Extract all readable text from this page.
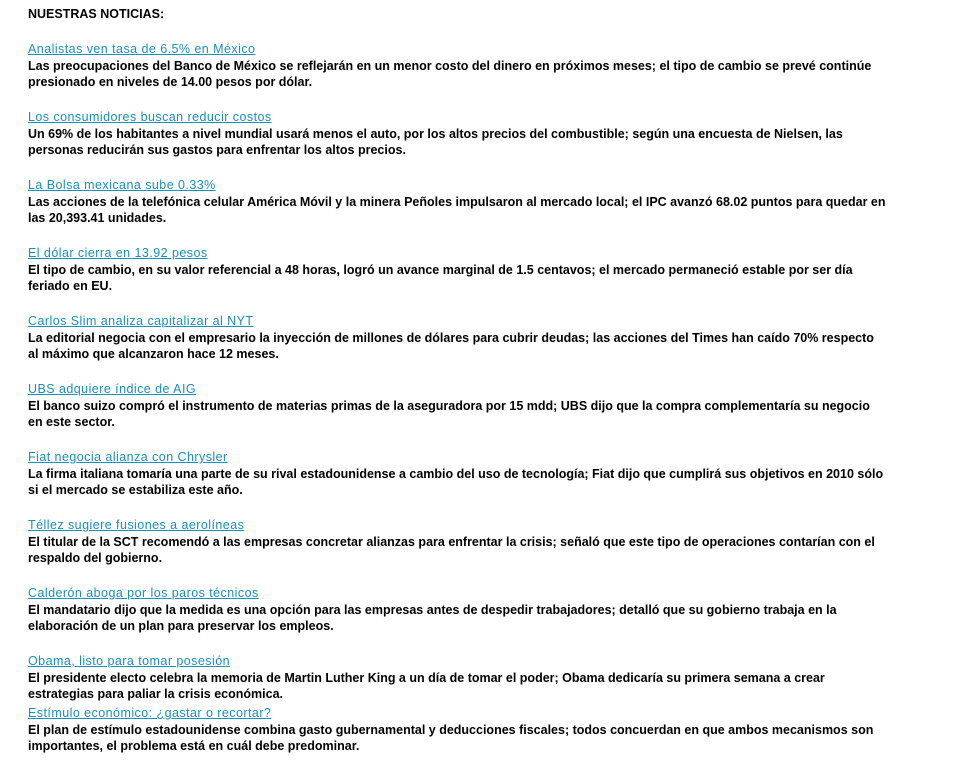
NUESTRAS NOTICIAS:
Analistas ven tasa de 6.5% en México

Las preocupaciones del Banco de México se reflejarán en un menor costo del dinero en próximos meses; el tipo de cambio se prevé continúe presionado en niveles de 14.00 pesos por dólar.

Los consumidores buscan reducir costos

Un 69% de los habitantes a nivel mundial usará menos el auto, por los altos precios del combustible; según una encuesta de Nielsen, las personas reducirán sus gastos para enfrentar los altos precios.

La Bolsa mexicana sube 0.33%

Las acciones de la telefónica celular América Móvil y la minera Peñoles impulsaron al mercado local; el IPC avanzó 68.02 puntos para quedar en las 20,393.41 unidades.

El dólar cierra en 13.92 pesos

El tipo de cambio, en su valor referencial a 48 horas, logró un avance marginal de 1.5 centavos; el mercado permaneció estable por ser día feriado en EU.

Carlos Slim analiza capitalizar al NYT

La editorial negocia con el empresario la inyección de millones de dólares para cubrir deudas; las acciones del Times han caído 70% respecto al máximo que alcanzaron hace 12 meses.

UBS adquiere índice de AIG

El banco suizo compró el instrumento de materias primas de la aseguradora por 15 mdd; UBS dijo que la compra complementaría su negocio en este sector.

Fiat negocia alianza con Chrysler

La firma italiana tomaría una parte de su rival estadounidense a cambio del uso de tecnología; Fiat dijo que cumplirá sus objetivos en 2010 sólo si el mercado se estabiliza este año.

Téllez sugiere fusiones a aerolíneas

El titular de la SCT recomendó a las empresas concretar alianzas para enfrentar la crisis; señaló que este tipo de operaciones contarían con el respaldo del gobierno.

Calderón aboga por los paros técnicos

El mandatario dijo que la medida es una opción para las empresas antes de despedir trabajadores; detalló que su gobierno trabaja en la elaboración de un plan para preservar los empleos.

Obama, listo para tomar posesión

El presidente electo celebra la memoria de Martin Luther King a un día de tomar el poder; Obama dedicaría su primera semana a crear estrategias para paliar la crisis económica.

Estímulo económico: ¿gastar o recortar?

El plan de estímulo estadounidense combina gasto gubernamental y deducciones fiscales; todos concuerdan en que ambos mecanismos son importantes, el problema está en cuál debe predominar.
